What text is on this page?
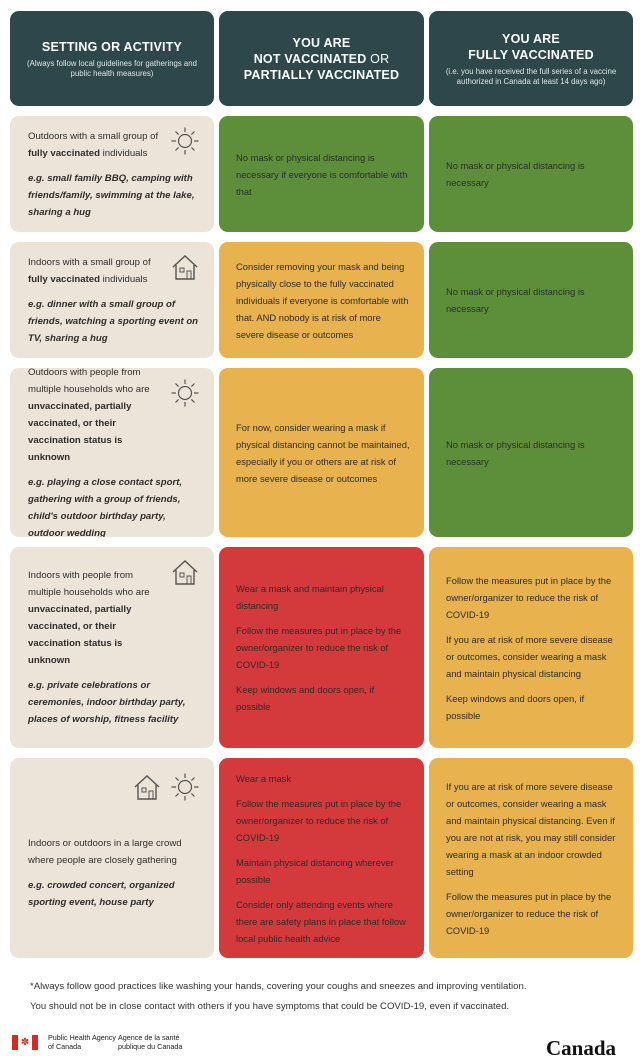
SETTING OR ACTIVITY
(Always follow local guidelines for gatherings and public health measures)
YOU ARE
NOT VACCINATED OR
PARTIALLY VACCINATED
YOU ARE
FULLY VACCINATED
(i.e. you have received the full series of a vaccine authorized in Canada at least 14 days ago)
Outdoors with a small group of fully vaccinated individuals
e.g. small family BBQ, camping with friends/family, swimming at the lake, sharing a hug

No mask or physical distancing is necessary if everyone is comfortable with that

No mask or physical distancing is necessary

Indoors with a small group of fully vaccinated individuals
e.g. dinner with a small group of friends, watching a sporting event on TV, sharing a hug

Consider removing your mask and being physically close to the fully vaccinated individuals if everyone is comfortable with that. AND nobody is at risk of more severe disease or outcomes

No mask or physical distancing is necessary

Outdoors with people from multiple households who are unvaccinated, partially vaccinated, or their vaccination status is unknown
e.g. playing a close contact sport, gathering with a group of friends, child's outdoor birthday party, outdoor wedding

For now, consider wearing a mask if physical distancing cannot be maintained, especially if you or others are at risk of more severe disease or outcomes

No mask or physical distancing is necessary

Indoors with people from multiple households who are unvaccinated, partially vaccinated, or their vaccination status is unknown
e.g. private celebrations or ceremonies, indoor birthday party, places of worship, fitness facility

Wear a mask and maintain physical distancing

Follow the measures put in place by the owner/organizer to reduce the risk of COVID-19

Keep windows and doors open, if possible

Follow the measures put in place by the owner/organizer to reduce the risk of COVID-19

If you are at risk of more severe disease or outcomes, consider wearing a mask and maintain physical distancing

Keep windows and doors open, if possible

Indoors or outdoors in a large crowd where people are closely gathering
e.g. crowded concert, organized sporting event, house party

Wear a mask

Follow the measures put in place by the owner/organizer to reduce the risk of COVID-19

Maintain physical distancing wherever possible

Consider only attending events where there are safety plans in place that follow local public health advice

If you are at risk of more severe disease or outcomes, consider wearing a mask and maintain physical distancing. Even if you are not at risk, you may still consider wearing a mask at an indoor crowded setting

Follow the measures put in place by the owner/organizer to reduce the risk of COVID-19

*Always follow good practices like washing your hands, covering your coughs and sneezes and improving ventilation.
You should not be in close contact with others if you have symptoms that could be COVID-19, even if vaccinated.
✽	Public Health Agency of Canada
Agence de la santé publique du Canada	Canada
